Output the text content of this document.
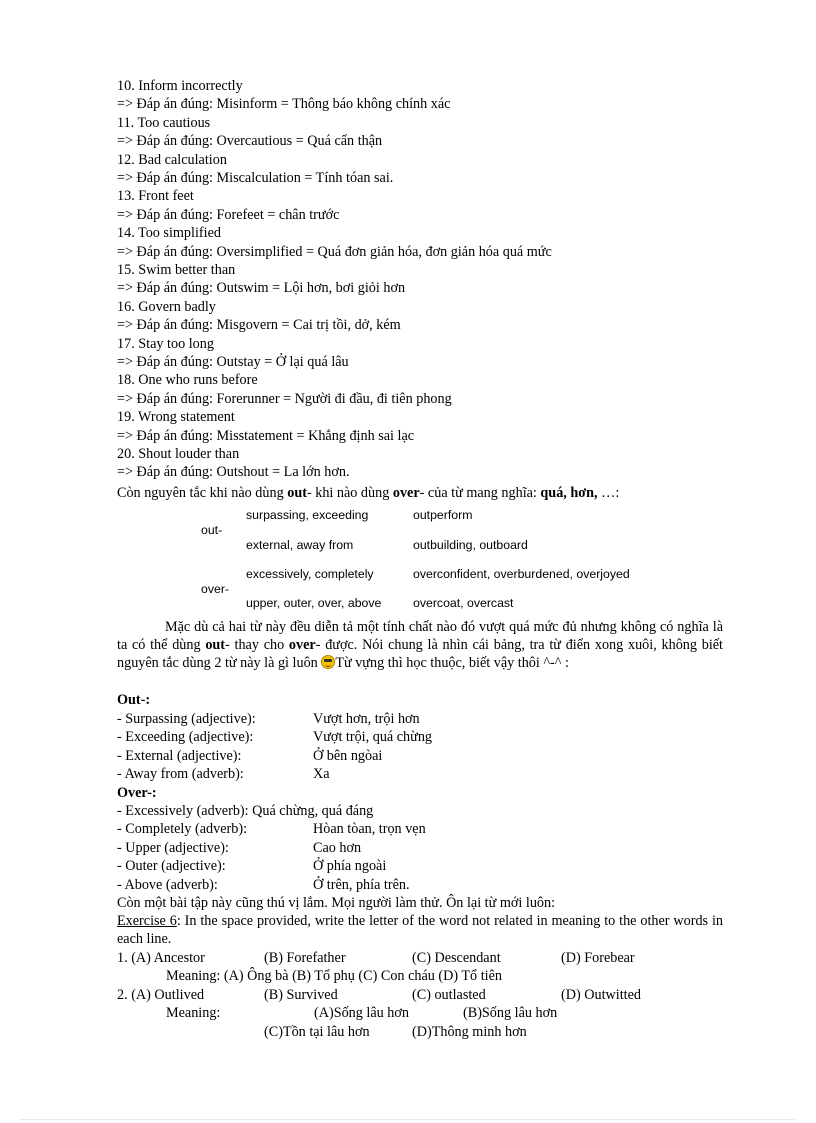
10. Inform incorrectly
=> Đáp án đúng: Misinform = Thông báo không chính xác
11. Too cautious
=> Đáp án đúng: Overcautious = Quá cẩn thận
12. Bad calculation
=> Đáp án đúng: Miscalculation = Tính tóan sai.
13. Front feet
=> Đáp án đúng: Forefeet = chân trước
14. Too simplified
=> Đáp án đúng: Oversimplified = Quá đơn giản hóa, đơn giản hóa quá mức
15. Swim better than
=> Đáp án đúng: Outswim = Lội hơn, bơi giỏi hơn
16. Govern badly
=> Đáp án đúng: Misgovern = Cai trị tồi, dở, kém
17. Stay too long
=> Đáp án đúng: Outstay = Ở lại quá lâu
18. One who runs before
=> Đáp án đúng: Forerunner = Người đi đầu, đi tiên phong
19. Wrong statement
=> Đáp án đúng: Misstatement = Khẳng định sai lạc
20. Shout louder than
=> Đáp án đúng: Outshout = La lớn hơn.
Còn nguyên tắc khi nào dùng out- khi nào dùng over- của từ mang nghĩa: quá, hơn, …:
surpassing, exceeding	outperform
out-
external, away from	outbuilding, outboard
excessively, completely	overconfident, overburdened, overjoyed
over-
upper, outer, over, above	overcoat, overcast
Mặc dù cả hai từ này đều diễn tả một tính chất nào đó vượt quá mức đủ nhưng không có nghĩa là ta có thể dùng out- thay cho over- được. Nói chung là nhìn cái bảng, tra từ điển xong xuôi, không biết nguyên tắc dùng 2 từ này là gì luôn Từ vựng thì học thuộc, biết vậy thôi ^-^ :
Out-:
- Surpassing (adjective):	Vượt hơn, trội hơn
- Exceeding (adjective):	Vượt trội, quá chừng
- External (adjective):	Ở bên ngòai
- Away from (adverb):	Xa
Over-:
- Excessively (adverb): Quá chừng, quá đáng
- Completely (adverb):	Hòan tòan, trọn vẹn
- Upper (adjective):	Cao hơn
- Outer (adjective):	Ở phía ngoài
- Above (adverb):	Ở trên, phía trên.
Còn một bài tập này cũng thú vị lắm. Mọi người làm thử. Ôn lại từ mới luôn:
Exercise 6: In the space provided, write the letter of the word not related in meaning to the other words in each line.
1. (A) Ancestor	(B) Forefather	(C) Descendant	(D) Forebear
Meaning: (A) Ông bà (B) Tổ phụ (C) Con cháu (D) Tổ tiên
2. (A) Outlived	(B) Survived	(C) outlasted	(D) Outwitted
Meaning:	(A)Sống lâu hơn	(B)Sống lâu hơn
(C)Tồn tại lâu hơn	(D)Thông minh hơn
